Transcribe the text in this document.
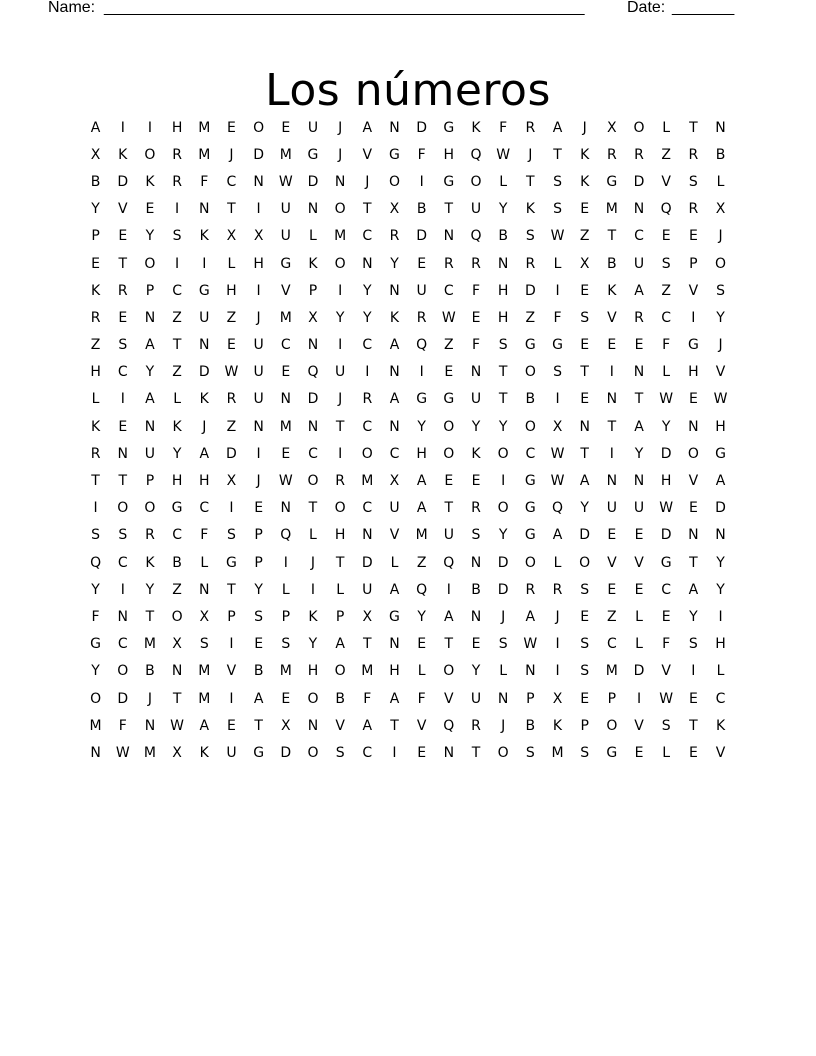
Name:

______________________________________________________

	Date:

_______

Los números
A	I	I	H	M	E	O	E	U	J	A	N	D	G	K	F	R	A	J	X	O	L	T	N
X	K	O	R	M	J	D	M	G	J	V	G	F	H	Q	W	J	T	K	R	R	Z	R	B
B	D	K	R	F	C	N	W	D	N	J	O	I	G	O	L	T	S	K	G	D	V	S	L
Y	V	E	I	N	T	I	U	N	O	T	X	B	T	U	Y	K	S	E	M	N	Q	R	X
P	E	Y	S	K	X	X	U	L	M	C	R	D	N	Q	B	S	W	Z	T	C	E	E	J
E	T	O	I	I	L	H	G	K	O	N	Y	E	R	R	N	R	L	X	B	U	S	P	O
K	R	P	C	G	H	I	V	P	I	Y	N	U	C	F	H	D	I	E	K	A	Z	V	S
R	E	N	Z	U	Z	J	M	X	Y	Y	K	R	W	E	H	Z	F	S	V	R	C	I	Y
Z	S	A	T	N	E	U	C	N	I	C	A	Q	Z	F	S	G	G	E	E	E	F	G	J
H	C	Y	Z	D	W	U	E	Q	U	I	N	I	E	N	T	O	S	T	I	N	L	H	V
L	I	A	L	K	R	U	N	D	J	R	A	G	G	U	T	B	I	E	N	T	W	E	W
K	E	N	K	J	Z	N	M	N	T	C	N	Y	O	Y	Y	O	X	N	T	A	Y	N	H
R	N	U	Y	A	D	I	E	C	I	O	C	H	O	K	O	C	W	T	I	Y	D	O	G
T	T	P	H	H	X	J	W	O	R	M	X	A	E	E	I	G	W	A	N	N	H	V	A
I	O	O	G	C	I	E	N	T	O	C	U	A	T	R	O	G	Q	Y	U	U	W	E	D
S	S	R	C	F	S	P	Q	L	H	N	V	M	U	S	Y	G	A	D	E	E	D	N	N
Q	C	K	B	L	G	P	I	J	T	D	L	Z	Q	N	D	O	L	O	V	V	G	T	Y
Y	I	Y	Z	N	T	Y	L	I	L	U	A	Q	I	B	D	R	R	S	E	E	C	A	Y
F	N	T	O	X	P	S	P	K	P	X	G	Y	A	N	J	A	J	E	Z	L	E	Y	I
G	C	M	X	S	I	E	S	Y	A	T	N	E	T	E	S	W	I	S	C	L	F	S	H
Y	O	B	N	M	V	B	M	H	O	M	H	L	O	Y	L	N	I	S	M	D	V	I	L
O	D	J	T	M	I	A	E	O	B	F	A	F	V	U	N	P	X	E	P	I	W	E	C
M	F	N	W	A	E	T	X	N	V	A	T	V	Q	R	J	B	K	P	O	V	S	T	K
N	W	M	X	K	U	G	D	O	S	C	I	E	N	T	O	S	M	S	G	E	L	E	V
